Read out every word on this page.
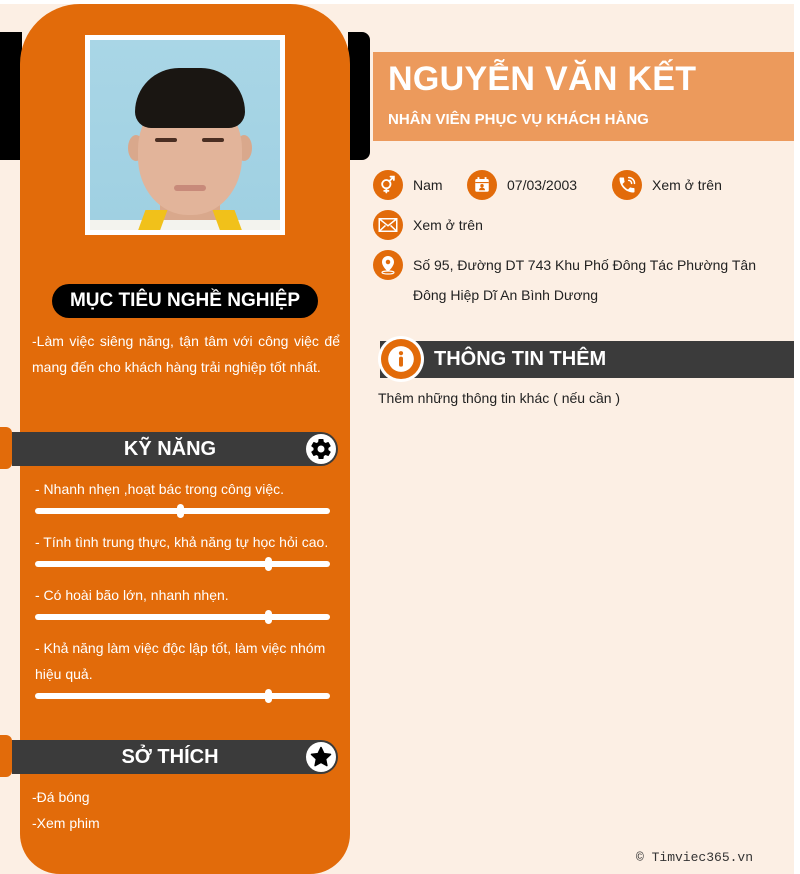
MỤC TIÊU NGHỀ NGHIỆP
-Làm việc siêng năng, tận tâm với công việc để mang đến cho khách hàng trải nghiệp tốt nhất.
KỸ NĂNG
- Nhanh nhẹn ,hoạt bác trong công việc.
- Tính tình trung thực, khả năng tự học hỏi cao.
- Có hoài bão lớn, nhanh nhẹn.
- Khả năng làm việc độc lập tốt, làm việc nhóm hiệu quả.
SỞ THÍCH
-Đá bóng
-Xem phim
NGUYỄN VĂN KẾT
NHÂN VIÊN PHỤC VỤ KHÁCH HÀNG
Nam	07/03/2003	Xem ở trên
Xem ở trên
Số 95, Đường DT 743 Khu Phố Đông Tác Phường Tân
Đông Hiệp Dĩ An Bình Dương
THÔNG TIN THÊM
Thêm những thông tin khác ( nếu cần )
© Timviec365.vn
